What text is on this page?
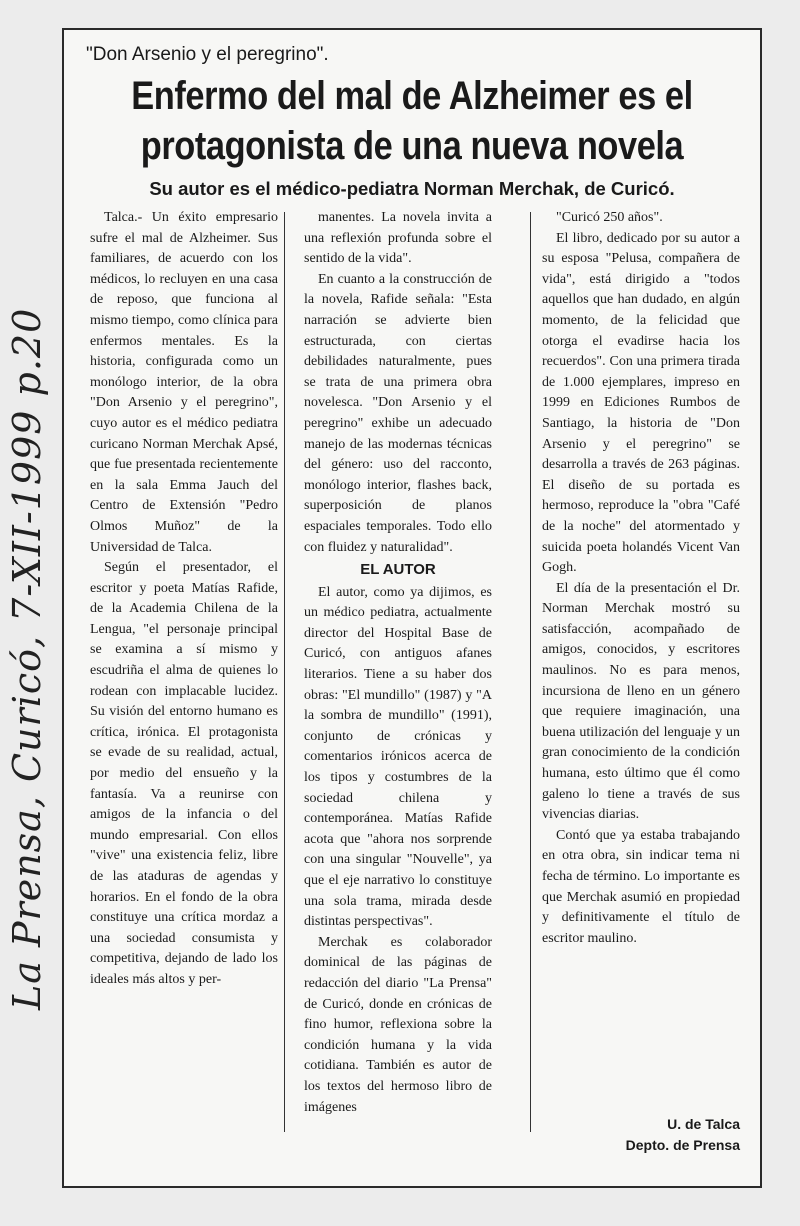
"Don Arsenio y el peregrino".
Enfermo del mal de Alzheimer es el
protagonista de una nueva novela
Su autor es el médico-pediatra Norman Merchak, de Curicó.

Talca.- Un éxito empresario sufre el mal de Alzheimer. Sus familiares, de acuerdo con los médicos, lo recluyen en una casa de reposo, que funciona al mismo tiempo, como clínica para enfermos mentales. Es la historia, configurada como un monólogo interior, de la obra "Don Arsenio y el peregrino", cuyo autor es el médico pediatra curicano Norman Merchak Apsé, que fue presentada recientemente en la sala Emma Jauch del Centro de Extensión "Pedro Olmos Muñoz" de la Universidad de Talca.

Según el presentador, el escritor y poeta Matías Rafide, de la Academia Chilena de la Lengua, "el personaje principal se examina a sí mismo y escudriña el alma de quienes lo rodean con implacable lucidez. Su visión del entorno humano es crítica, irónica. El protagonista se evade de su realidad, actual, por medio del ensueño y la fantasía. Va a reunirse con amigos de la infancia o del mundo empresarial. Con ellos "vive" una existencia feliz, libre de las ataduras de agendas y horarios. En el fondo de la obra constituye una crítica mordaz a una sociedad consumista y competitiva, dejando de lado los ideales más altos y per-

manentes. La novela invita a una reflexión profunda sobre el sentido de la vida".

En cuanto a la construcción de la novela, Rafide señala: "Esta narración se advierte bien estructurada, con ciertas debilidades naturalmente, pues se trata de una primera obra novelesca. "Don Arsenio y el peregrino" exhibe un adecuado manejo de las modernas técnicas del género: uso del racconto, monólogo interior, flashes back, superposición de planos espaciales temporales. Todo ello con fluidez y naturalidad".

EL AUTOR

El autor, como ya dijimos, es un médico pediatra, actualmente director del Hospital Base de Curicó, con antiguos afanes literarios. Tiene a su haber dos obras: "El mundillo" (1987) y "A la sombra de mundillo" (1991), conjunto de crónicas y comentarios irónicos acerca de los tipos y costumbres de la sociedad chilena y contemporánea. Matías Rafide acota que "ahora nos sorprende con una singular "Nouvelle", ya que el eje narrativo lo constituye una sola trama, mirada desde distintas perspectivas".

Merchak es colaborador dominical de las páginas de redacción del diario "La Prensa" de Curicó, donde en crónicas de fino humor, reflexiona sobre la condición humana y la vida cotidiana. También es autor de los textos del hermoso libro de imágenes

"Curicó 250 años".

El libro, dedicado por su autor a su esposa "Pelusa, compañera de vida", está dirigido a "todos aquellos que han dudado, en algún momento, de la felicidad que otorga el evadirse hacia los recuerdos". Con una primera tirada de 1.000 ejemplares, impreso en 1999 en Ediciones Rumbos de Santiago, la historia de "Don Arsenio y el peregrino" se desarrolla a través de 263 páginas. El diseño de su portada es hermoso, reproduce la "obra "Café de la noche" del atormentado y suicida poeta holandés Vicent Van Gogh.

El día de la presentación el Dr. Norman Merchak mostró su satisfacción, acompañado de amigos, conocidos, y escritores maulinos. No es para menos, incursiona de lleno en un género que requiere imaginación, una buena utilización del lenguaje y un gran conocimiento de la condición humana, esto último que él como galeno lo tiene a través de sus vivencias diarias.

Contó que ya estaba trabajando en otra obra, sin indicar tema ni fecha de término. Lo importante es que Merchak asumió en propiedad y definitivamente el título de escritor maulino.

U. de Talca
Depto. de Prensa
La Prensa, Curicó, 7-XII-1999 p.20
